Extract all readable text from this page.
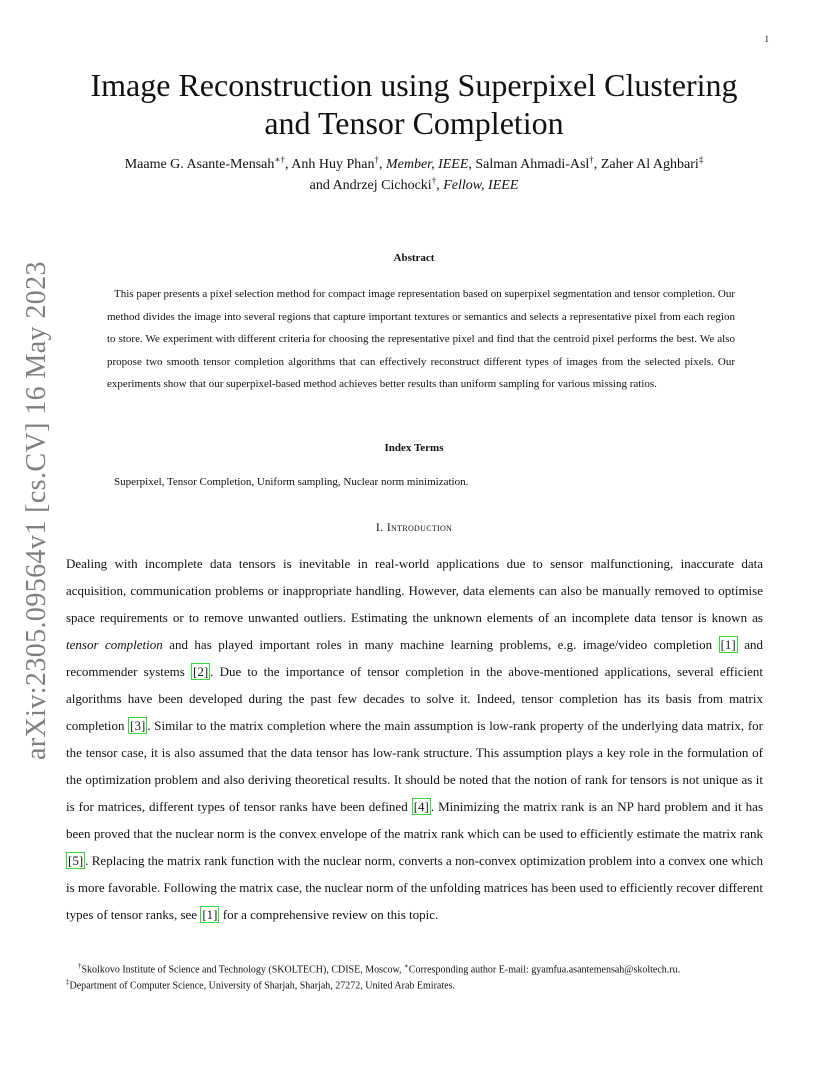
1
arXiv:2305.09564v1 [cs.CV] 16 May 2023
Image Reconstruction using Superpixel Clustering
and Tensor Completion
Maame G. Asante-Mensah∗†, Anh Huy Phan†, Member, IEEE, Salman Ahmadi-Asl†, Zaher Al Aghbari‡
and Andrzej Cichocki†, Fellow, IEEE
Abstract

This paper presents a pixel selection method for compact image representation based on superpixel segmentation and tensor completion. Our method divides the image into several regions that capture important textures or semantics and selects a representative pixel from each region to store. We experiment with different criteria for choosing the representative pixel and find that the centroid pixel performs the best. We also propose two smooth tensor completion algorithms that can effectively reconstruct different types of images from the selected pixels. Our experiments show that our superpixel-based method achieves better results than uniform sampling for various missing ratios.

Index Terms

Superpixel, Tensor Completion, Uniform sampling, Nuclear norm minimization.

I. Introduction

Dealing with incomplete data tensors is inevitable in real-world applications due to sensor malfunctioning, inaccurate data acquisition, communication problems or inappropriate handling. However, data elements can also be manually removed to optimise space requirements or to remove unwanted outliers. Estimating the unknown elements of an incomplete data tensor is known as tensor completion and has played important roles in many machine learning problems, e.g. image/video completion [1] and recommender systems [2] . Due to the importance of tensor completion in the above-mentioned applications, several efficient algorithms have been developed during the past few decades to solve it. Indeed, tensor completion has its basis from matrix completion [3] . Similar to the matrix completion where the main assumption is low-rank property of the underlying data matrix, for the tensor case, it is also assumed that the data tensor has low-rank structure. This assumption plays a key role in the formulation of the optimization problem and also deriving theoretical results. It should be noted that the notion of rank for tensors is not unique as it is for matrices, different types of tensor ranks have been defined [4] . Minimizing the matrix rank is an NP hard problem and it has been proved that the nuclear norm is the convex envelope of the matrix rank which can be used to efficiently estimate the matrix rank [5] . Replacing the matrix rank function with the nuclear norm, converts a non-convex optimization problem into a convex one which is more favorable. Following the matrix case, the nuclear norm of the unfolding matrices has been used to efficiently recover different types of tensor ranks, see [1] for a comprehensive review on this topic.

†Skolkovo Institute of Science and Technology (SKOLTECH), CDISE, Moscow, ∗Corresponding author E-mail: gyamfua.asantemensah@skoltech.ru.
‡Department of Computer Science, University of Sharjah, Sharjah, 27272, United Arab Emirates.
